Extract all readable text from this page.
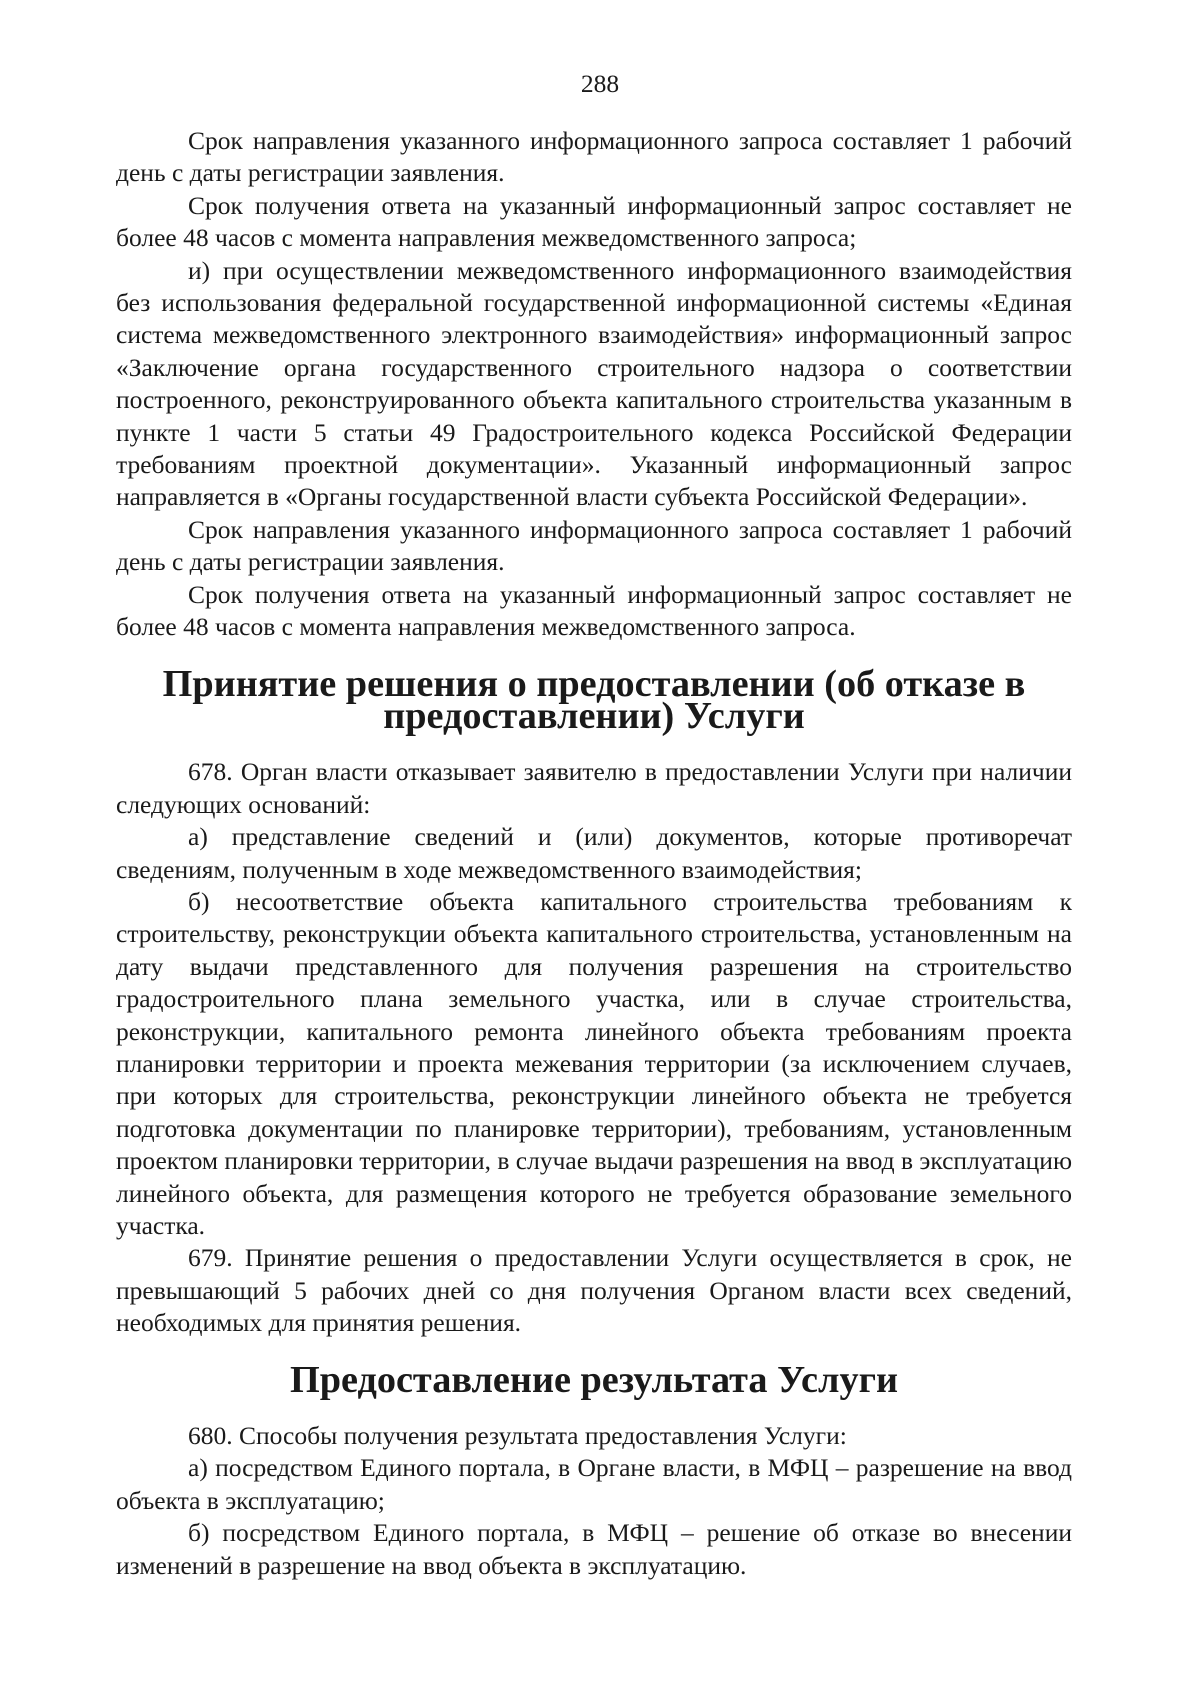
288

Срок направления указанного информационного запроса составляет 1 рабочий день с даты регистрации заявления.

Срок получения ответа на указанный информационный запрос составляет не более 48 часов с момента направления межведомственного запроса;

и) при осуществлении межведомственного информационного взаимодействия без использования федеральной государственной информационной системы «Единая система межведомственного электронного взаимодействия» информационный запрос «Заключение органа государственного строительного надзора о соответствии построенного, реконструированного объекта капитального строительства указанным в пункте 1 части 5 статьи 49 Градостроительного кодекса Российской Федерации требованиям проектной документации». Указанный информационный запрос направляется в «Органы государственной власти субъекта Российской Федерации».

Срок направления указанного информационного запроса составляет 1 рабочий день с даты регистрации заявления.

Срок получения ответа на указанный информационный запрос составляет не более 48 часов с момента направления межведомственного запроса.

Принятие решения о предоставлении (об отказе в предоставлении) Услуги

678. Орган власти отказывает заявителю в предоставлении Услуги при наличии следующих оснований:

а) представление сведений и (или) документов, которые противоречат сведениям, полученным в ходе межведомственного взаимодействия;

б) несоответствие объекта капитального строительства требованиям к строительству, реконструкции объекта капитального строительства, установленным на дату выдачи представленного для получения разрешения на строительство градостроительного плана земельного участка, или в случае строительства, реконструкции, капитального ремонта линейного объекта требованиям проекта планировки территории и проекта межевания территории (за исключением случаев, при которых для строительства, реконструкции линейного объекта не требуется подготовка документации по планировке территории), требованиям, установленным проектом планировки территории, в случае выдачи разрешения на ввод в эксплуатацию линейного объекта, для размещения которого не требуется образование земельного участка.

679. Принятие решения о предоставлении Услуги осуществляется в срок, не превышающий 5 рабочих дней со дня получения Органом власти всех сведений, необходимых для принятия решения.

Предоставление результата Услуги

680. Способы получения результата предоставления Услуги:

а) посредством Единого портала, в Органе власти, в МФЦ – разрешение на ввод объекта в эксплуатацию;

б) посредством Единого портала, в МФЦ – решение об отказе во внесении изменений в разрешение на ввод объекта в эксплуатацию.
